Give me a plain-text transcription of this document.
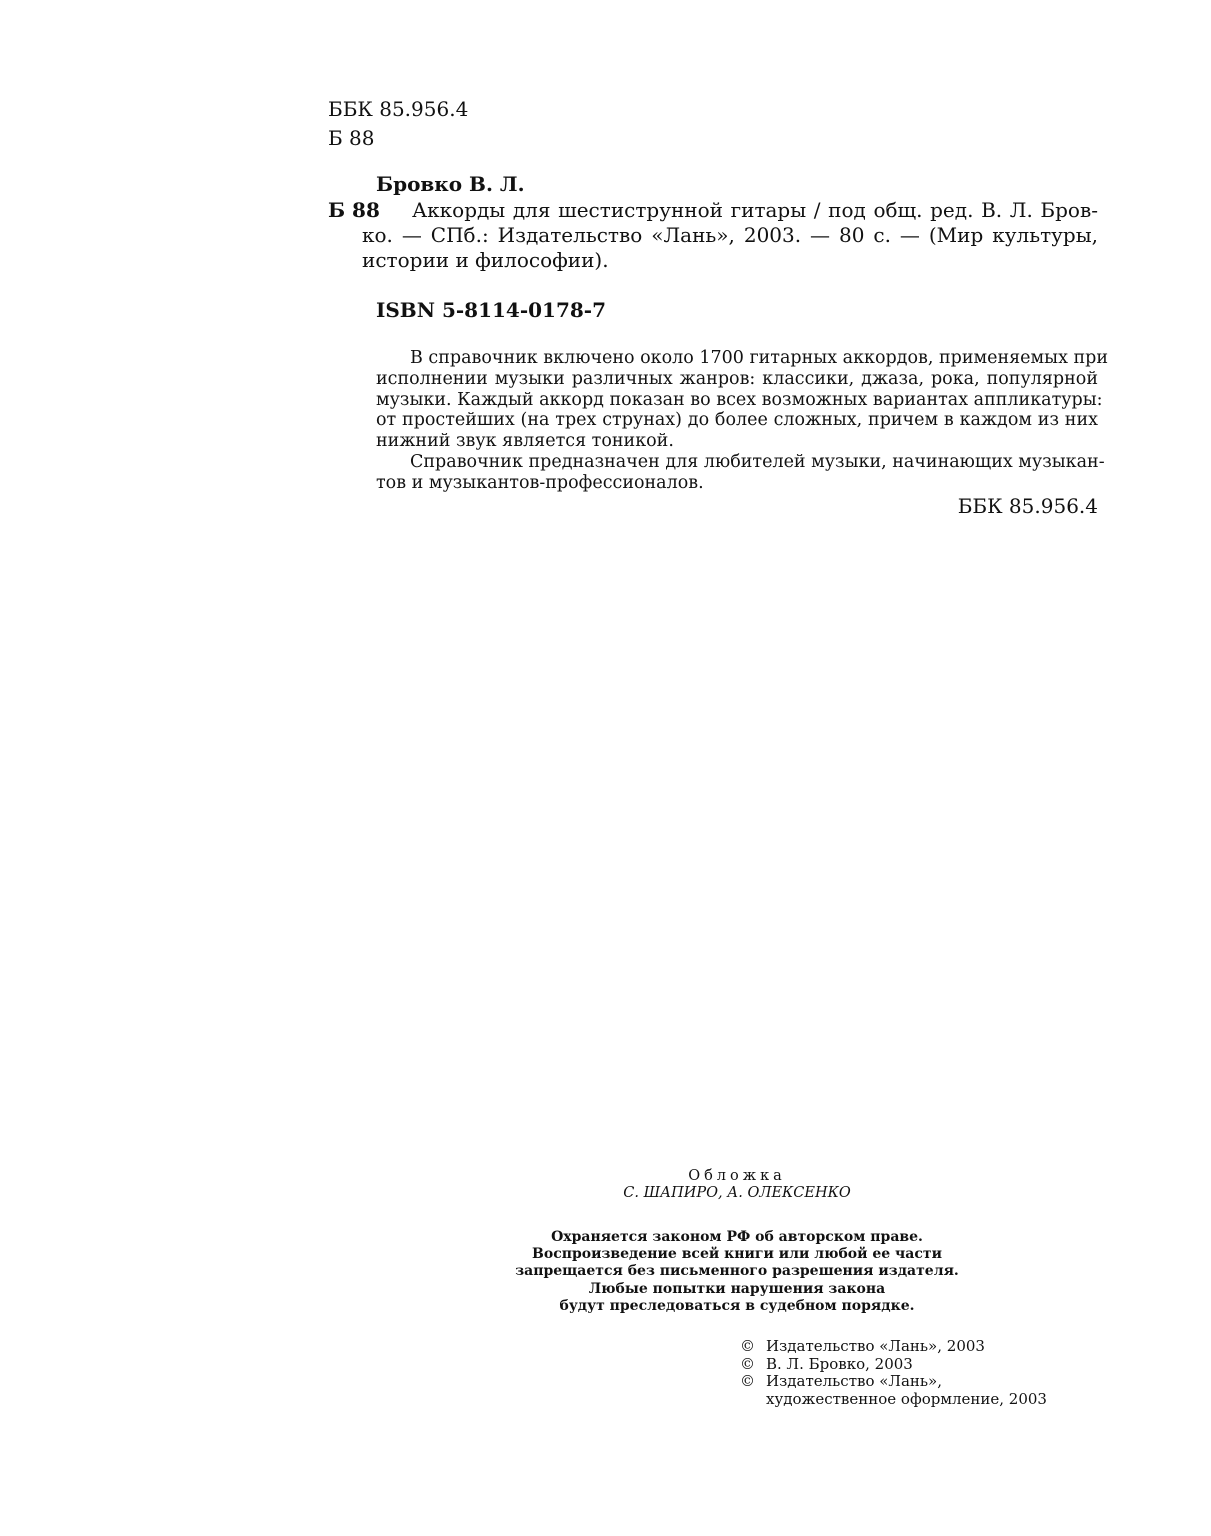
ББК 85.956.4
Б 88
Бровко В. Л.
Б 88	Аккорды для шестиструнной гитары / под общ. ред. В. Л. Бров-
ко. — СПб.: Издательство «Лань», 2003. — 80 с. — (Мир культуры,
истории и философии).
ISBN 5-8114-0178-7
В справочник включено около 1700 гитарных аккордов, применяемых при
исполнении музыки различных жанров: классики, джаза, рока, популярной
музыки. Каждый аккорд показан во всех возможных вариантах аппликатуры:
от простейших (на трех струнах) до более сложных, причем в каждом из них
нижний звук является тоникой.
Справочник предназначен для любителей музыки, начинающих музыкан-
тов и музыкантов-профессионалов.
ББК 85.956.4
Обложка
С. ШАПИРО, А. ОЛЕКСЕНКО
Охраняется законом РФ об авторском праве.
Воспроизведение всей книги или любой ее части
запрещается без письменного разрешения издателя.
Любые попытки нарушения закона
будут преследоваться в судебном порядке.
© Издательство «Лань», 2003
© В. Л. Бровко, 2003
© Издательство «Лань»,
художественное оформление, 2003
